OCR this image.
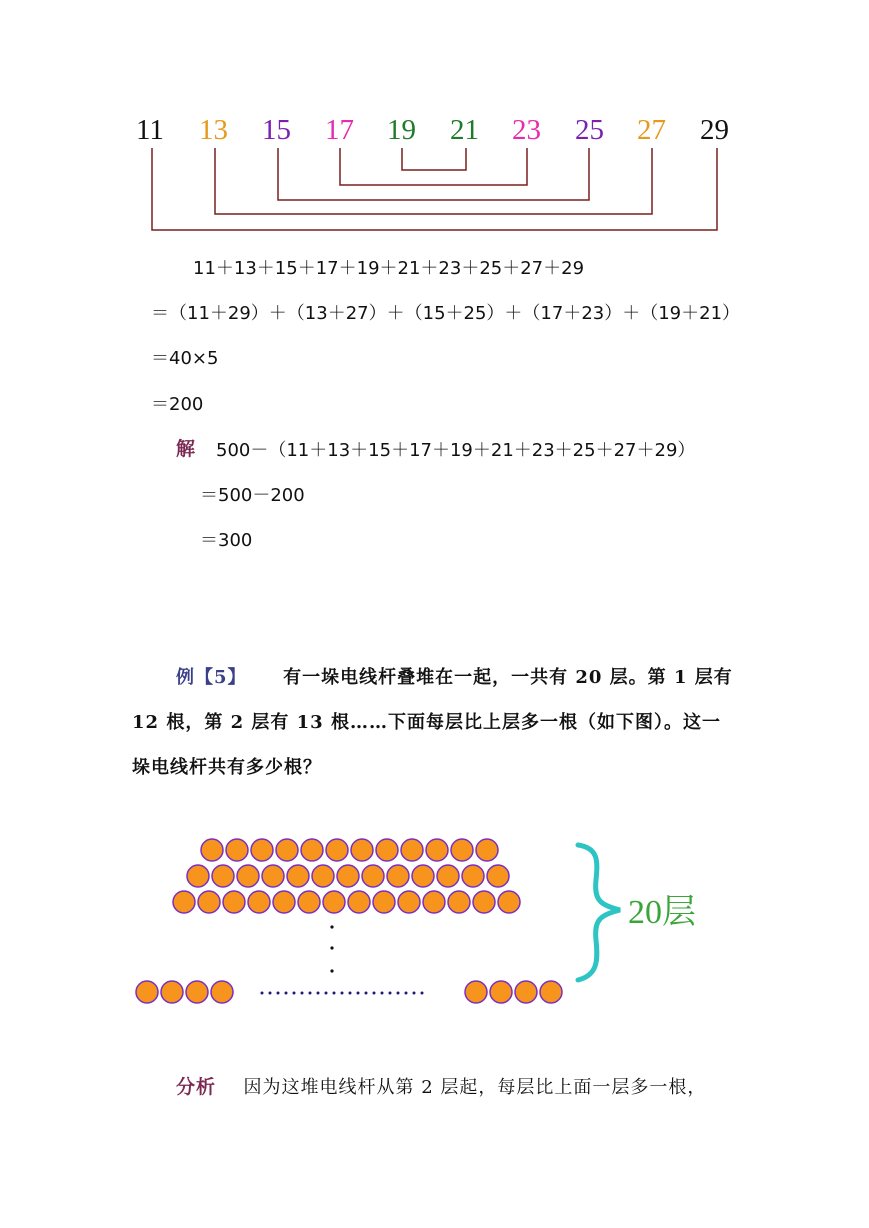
11 13 15 17 19 21 23 25 27 29
11＋13＋15＋17＋19＋21＋23＋25＋27＋29
＝（11＋29）＋（13＋27）＋（15＋25）＋（17＋23）＋（19＋21）
＝40×5
＝200
解 500－（11＋13＋15＋17＋19＋21＋23＋25＋27＋29）
＝500－200
＝300
例【5】 有一垛电线杆叠堆在一起，一共有 20 层。第 1 层有
12 根，第 2 层有 13 根……下面每层比上层多一根（如下图）。这一
垛电线杆共有多少根？
20层
分析 因为这堆电线杆从第 2 层起，每层比上面一层多一根，
